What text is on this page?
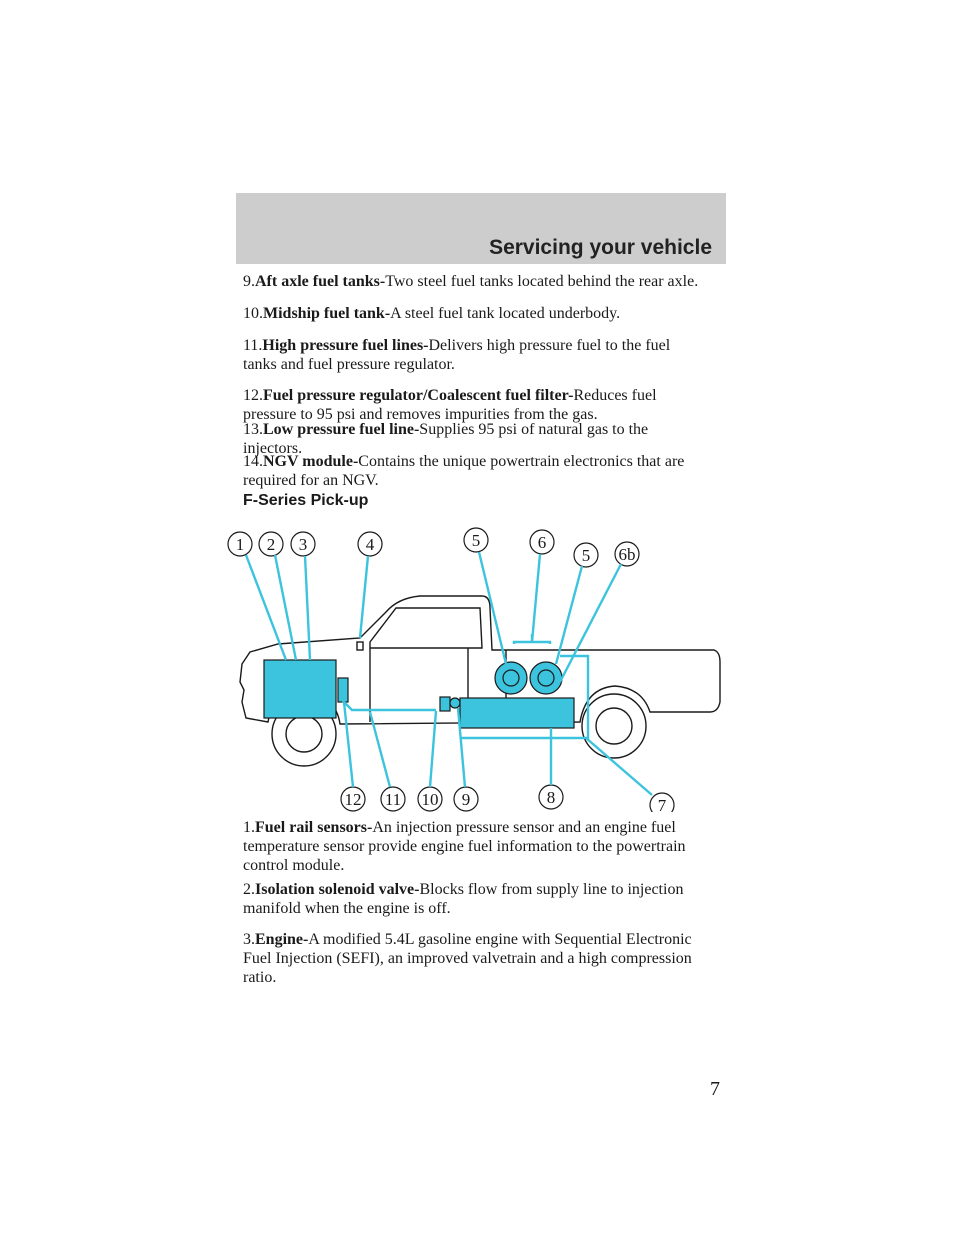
Servicing your vehicle
9.Aft axle fuel tanks-Two steel fuel tanks located behind the rear axle.
10.Midship fuel tank-A steel fuel tank located underbody.
11.High pressure fuel lines-Delivers high pressure fuel to the fuel
tanks and fuel pressure regulator.
12.Fuel pressure regulator/Coalescent fuel filter-Reduces fuel
pressure to 95 psi and removes impurities from the gas.
F-Series Pick-up
1 2 3	4	5	6
5 6b
12 11 10 9	8	7
7
13.Low pressure fuel line-Supplies 95 psi of natural gas to the
injectors.
14.NGV module-Contains the unique powertrain electronics that are
required for an NGV.
1.Fuel rail sensors-An injection pressure sensor and an engine fuel
temperature sensor provide engine fuel information to the powertrain
control module.
2.Isolation solenoid valve-Blocks flow from supply line to injection
manifold when the engine is off.
3.Engine-A modified 5.4L gasoline engine with Sequential Electronic
Fuel Injection (SEFI), an improved valvetrain and a high compression
ratio.
